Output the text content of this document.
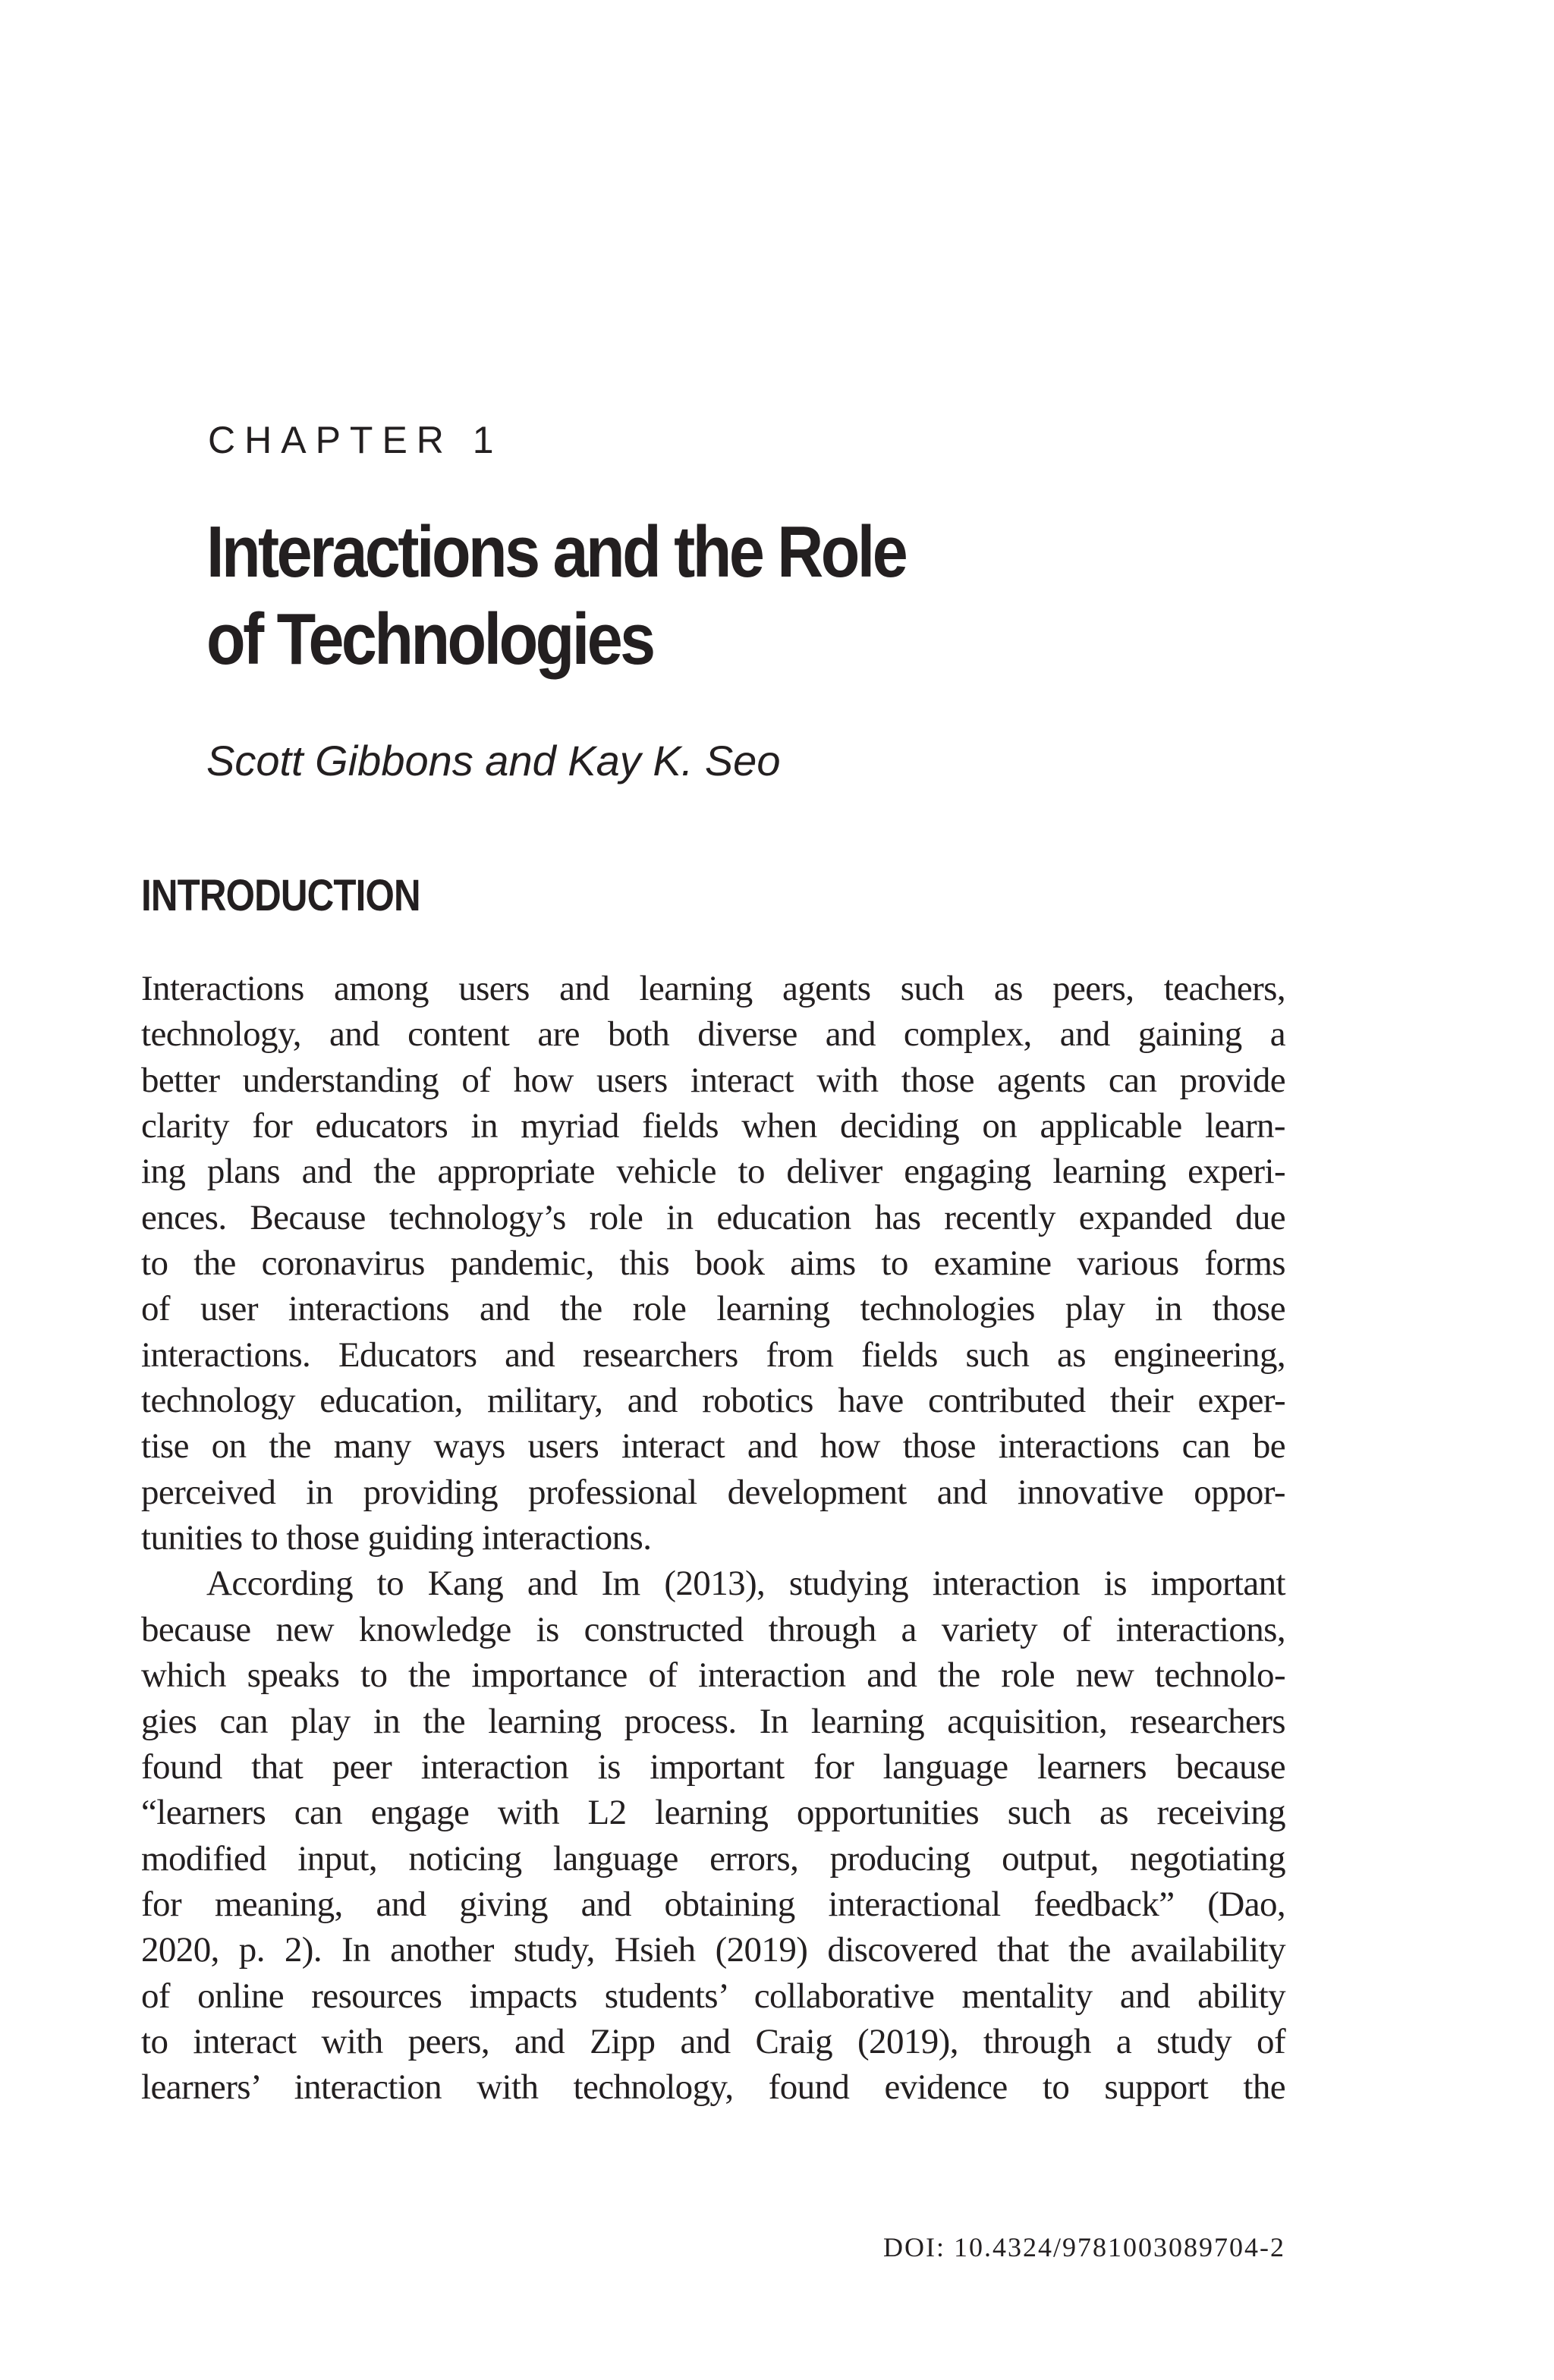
CHAPTER 1
Interactions and the Role
of Technologies
Scott Gibbons and Kay K. Seo
INTRODUCTION

Interactions among users and learning agents such as peers, teachers,
technology, and content are both diverse and complex, and gaining a
better understanding of how users interact with those agents can provide
clarity for educators in myriad fields when deciding on applicable learn-
ing plans and the appropriate vehicle to deliver engaging learning experi-
ences. Because technology’s role in education has recently expanded due
to the coronavirus pandemic, this book aims to examine various forms
of user interactions and the role learning technologies play in those
interactions. Educators and researchers from fields such as engineering,
technology education, military, and robotics have contributed their exper-
tise on the many ways users interact and how those interactions can be
perceived in providing professional development and innovative oppor-
tunities to those guiding interactions.

According to Kang and Im (2013), studying interaction is important
because new knowledge is constructed through a variety of interactions,
which speaks to the importance of interaction and the role new technolo-
gies can play in the learning process. In learning acquisition, researchers
found that peer interaction is important for language learners because
“learners can engage with L2 learning opportunities such as receiving
modified input, noticing language errors, producing output, negotiating
for meaning, and giving and obtaining interactional feedback” (Dao,
2020, p. 2). In another study, Hsieh (2019) discovered that the availability
of online resources impacts students’ collaborative mentality and ability
to interact with peers, and Zipp and Craig (2019), through a study of
learners’ interaction with technology, found evidence to support the

DOI: 10.4324/9781003089704-2
